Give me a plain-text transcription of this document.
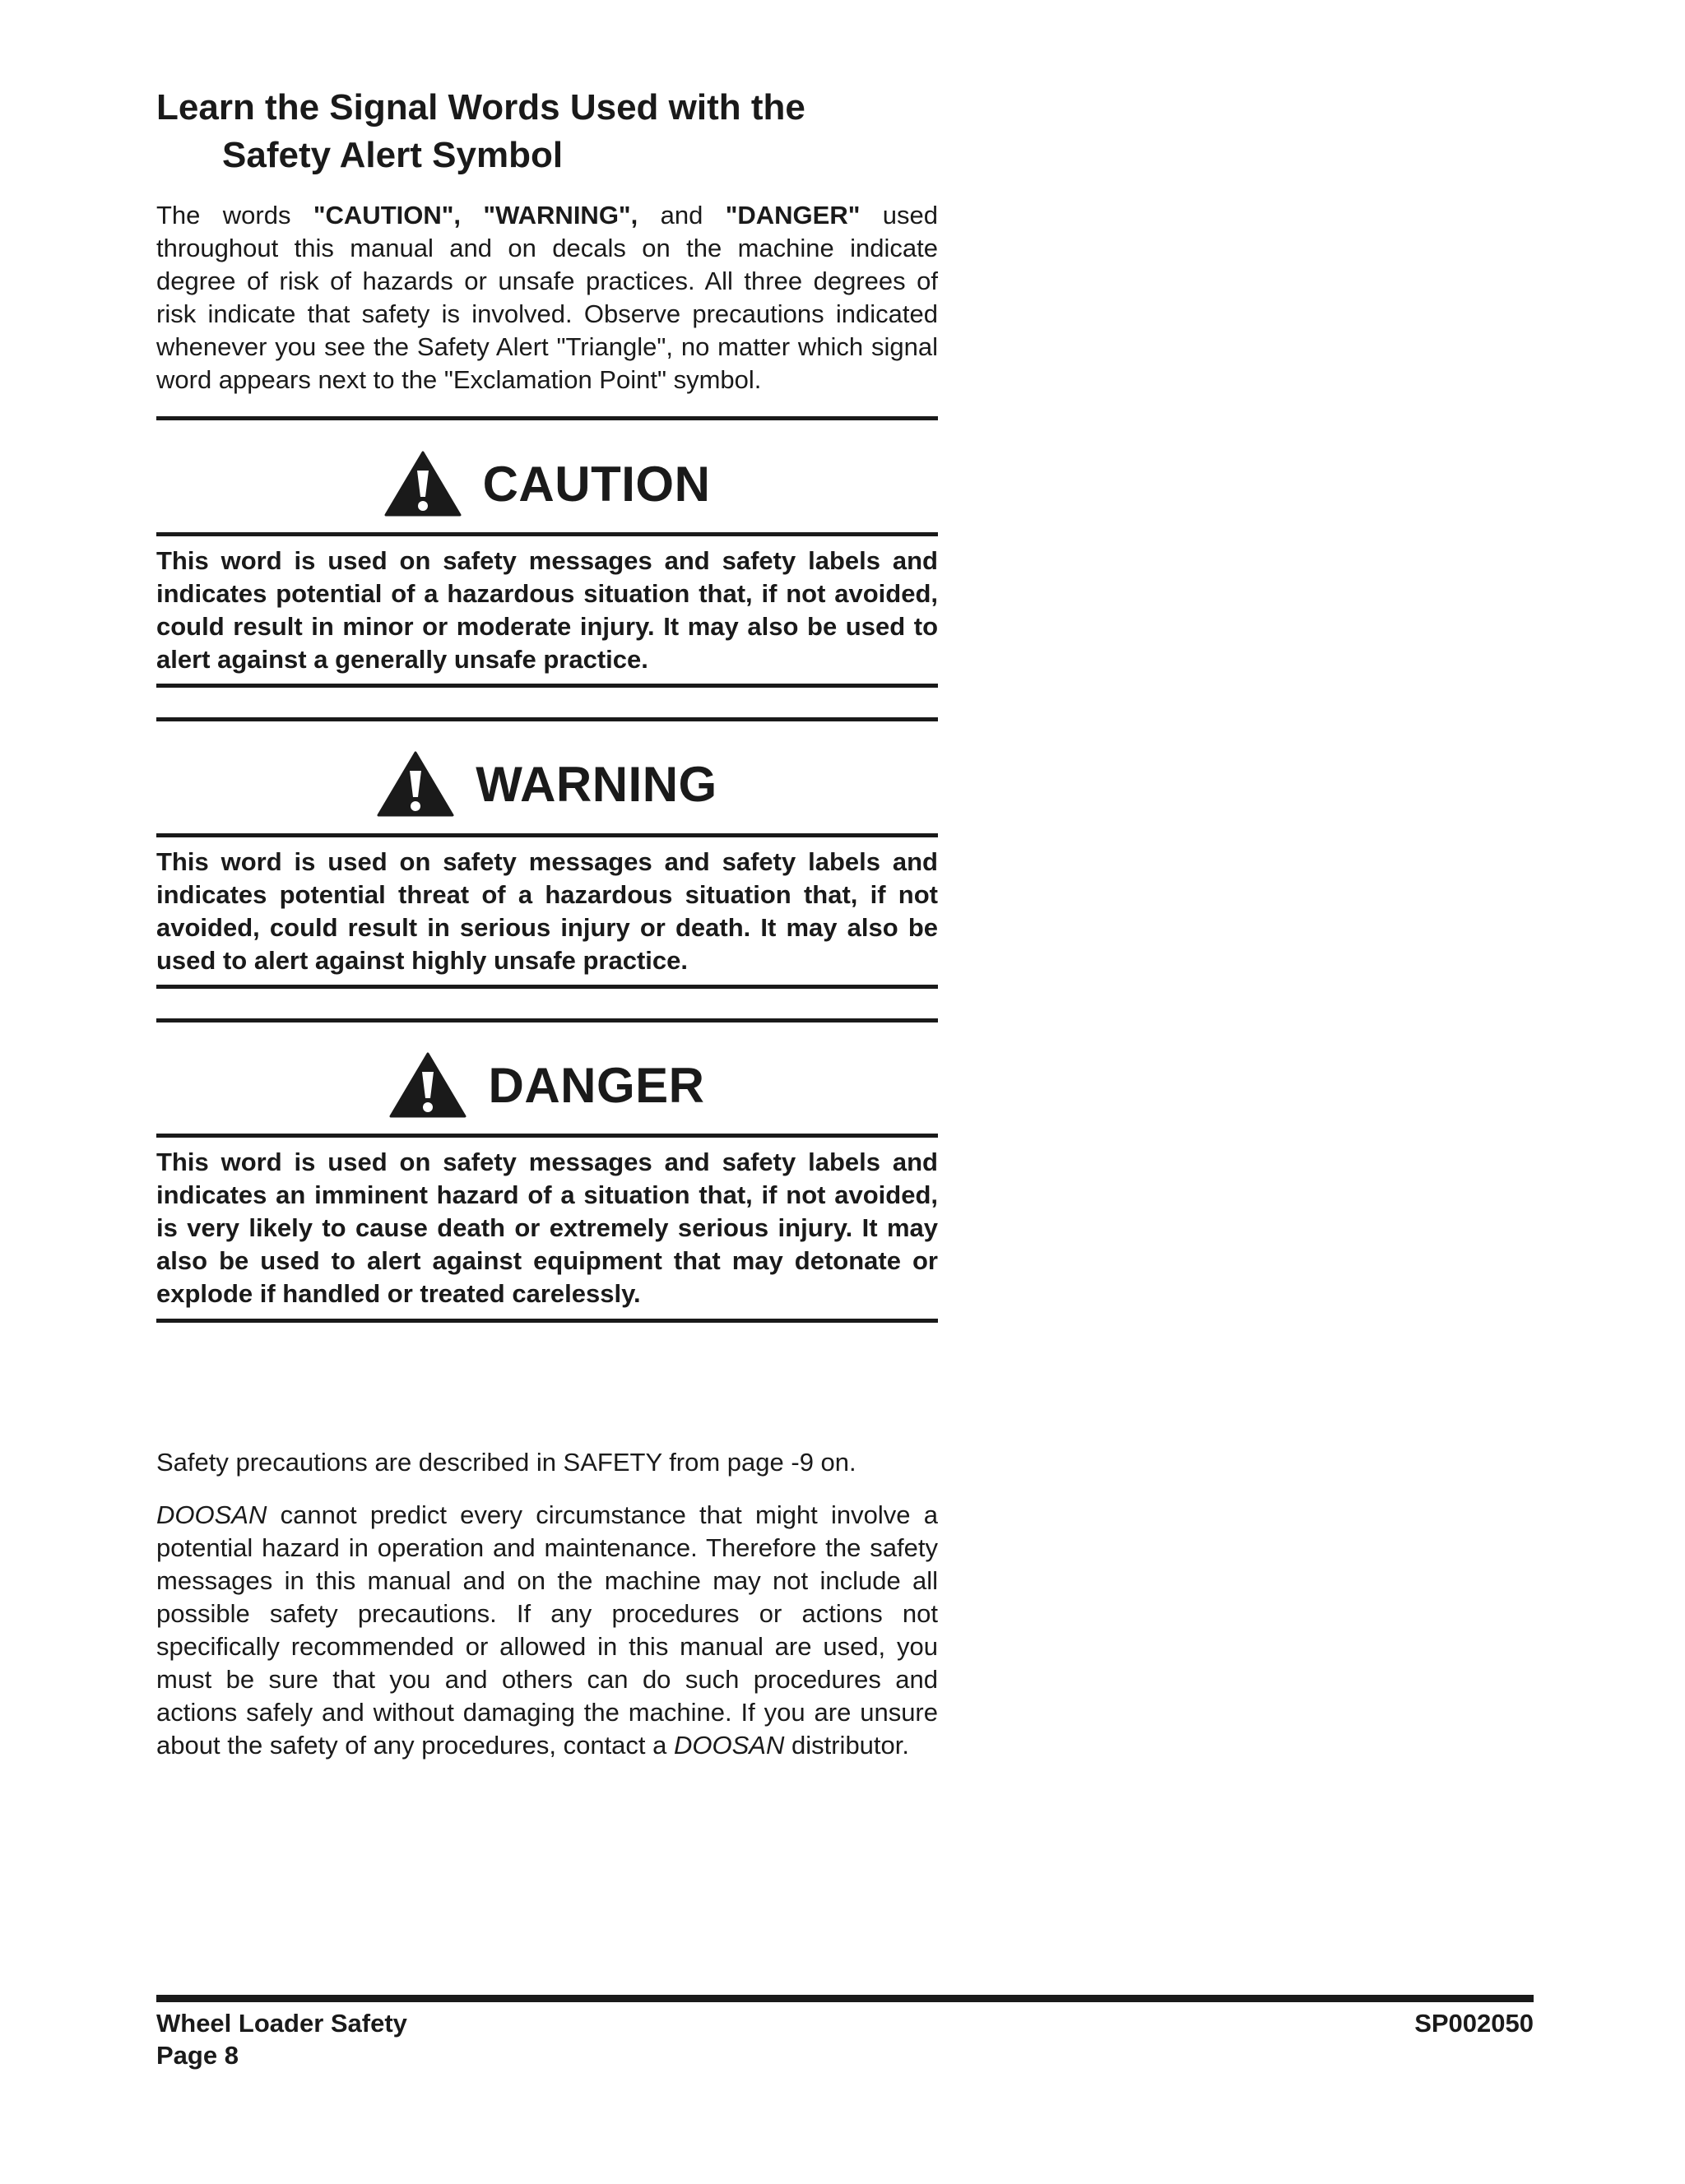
Learn the Signal Words Used with the
Safety Alert Symbol
The words "CAUTION", "WARNING", and "DANGER" used throughout this manual and on decals on the machine indicate degree of risk of hazards or unsafe practices. All three degrees of risk indicate that safety is involved. Observe precautions indicated whenever you see the Safety Alert "Triangle", no matter which signal word appears next to the "Exclamation Point" symbol.
CAUTION
This word is used on safety messages and safety labels and indicates potential of a hazardous situation that, if not avoided, could result in minor or moderate injury. It may also be used to alert against a generally unsafe practice.
WARNING
This word is used on safety messages and safety labels and indicates potential threat of a hazardous situation that, if not avoided, could result in serious injury or death. It may also be used to alert against highly unsafe practice.
DANGER
This word is used on safety messages and safety labels and indicates an imminent hazard of a situation that, if not avoided, is very likely to cause death or extremely serious injury. It may also be used to alert against equipment that may detonate or explode if handled or treated carelessly.
Safety precautions are described in SAFETY from page -9 on.
DOOSAN cannot predict every circumstance that might involve a potential hazard in operation and maintenance. Therefore the safety messages in this manual and on the machine may not include all possible safety precautions. If any procedures or actions not specifically recommended or allowed in this manual are used, you must be sure that you and others can do such procedures and actions safely and without damaging the machine. If you are unsure about the safety of any procedures, contact a DOOSAN distributor.
Wheel Loader Safety
Page 8
SP002050
